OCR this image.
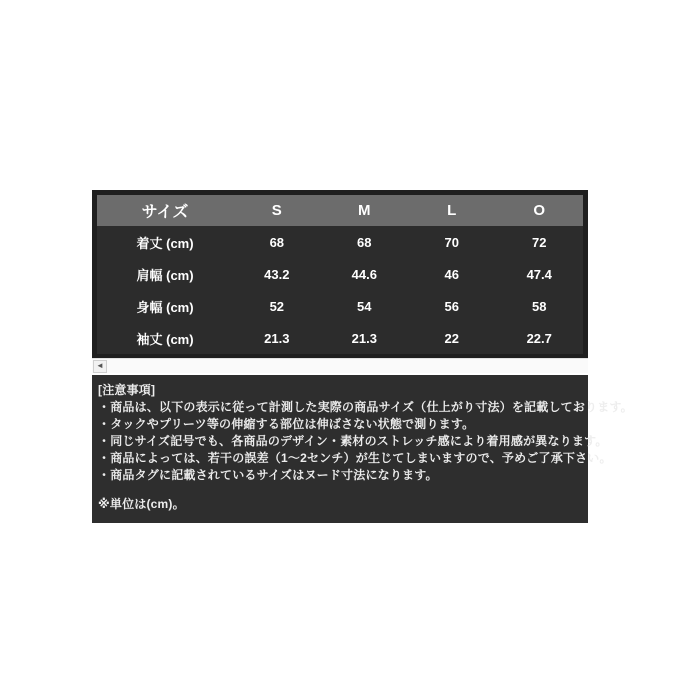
サイズ	S	M	L	O
着丈 (cm)	68	68	70	72
肩幅 (cm)	43.2	44.6	46	47.4
身幅 (cm)	52	54	56	58
袖丈 (cm)	21.3	21.3	22	22.7
◄
[注意事項]
・商品は、以下の表示に従って計測した実際の商品サイズ（仕上がり寸法）を記載しております。
・タックやプリーツ等の伸縮する部位は伸ばさない状態で測ります。
・同じサイズ記号でも、各商品のデザイン・素材のストレッチ感により着用感が異なります。
・商品によっては、若干の誤差（1〜2センチ）が生じてしまいますので、予めご了承下さい。
・商品タグに記載されているサイズはヌード寸法になります。
※単位は(cm)。
